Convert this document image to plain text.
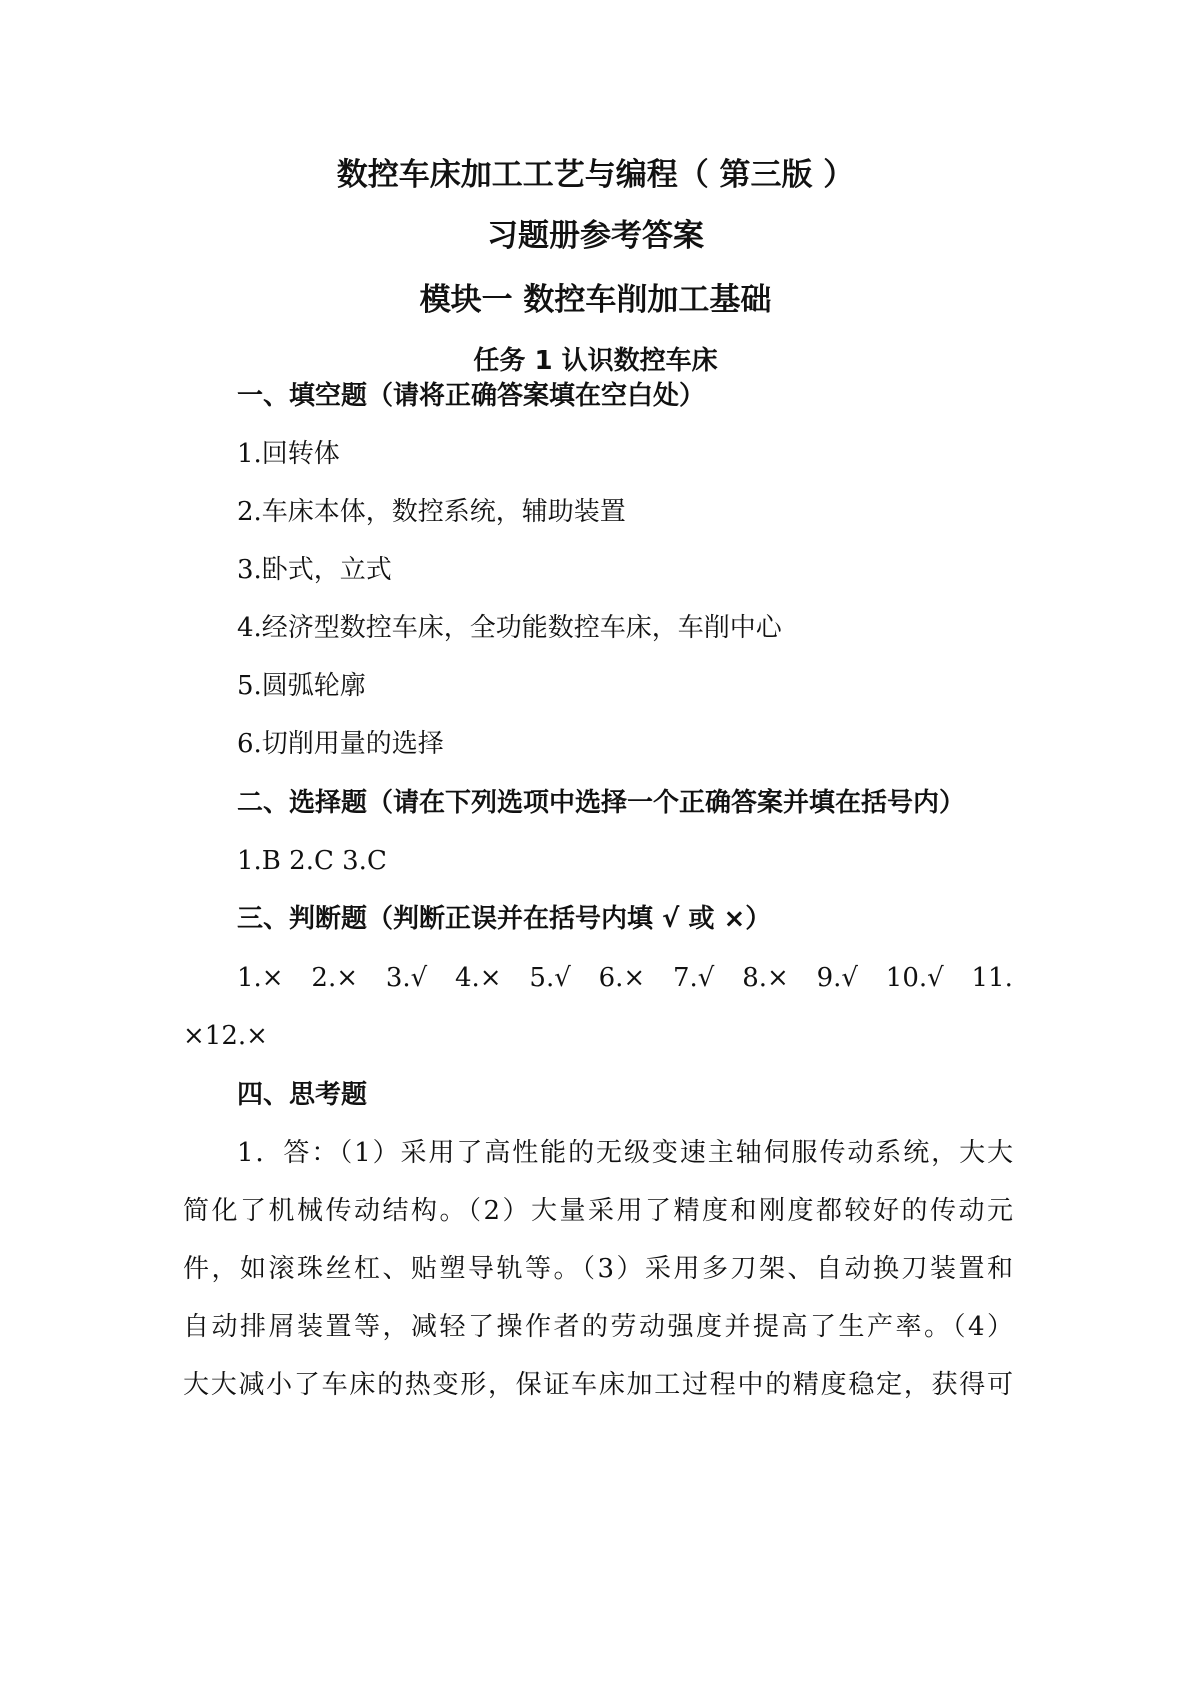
数控车床加工工艺与编程（ 第三版 ）
习题册参考答案
模块一 数控车削加工基础
任务 1 认识数控车床
一、填空题（请将正确答案填在空白处）
1.回转体
2.车床本体，数控系统，辅助装置
3.卧式，立式
4.经济型数控车床，全功能数控车床，车削中心
5.圆弧轮廓
6.切削用量的选择
二、选择题（请在下列选项中选择一个正确答案并填在括号内）
1.B 2.C 3.C
三、判断题（判断正误并在括号内填 √ 或 ×）
1.× 2.× 3.√ 4.× 5.√ 6.× 7.√ 8.× 9.√ 10.√ 11.
×12.×
四、思考题
1．答：（1）采用了高性能的无级变速主轴伺服传动系统，大大
简化了机械传动结构。（2）大量采用了精度和刚度都较好的传动元
件，如滚珠丝杠、贴塑导轨等。（3）采用多刀架、自动换刀装置和
自动排屑装置等，减轻了操作者的劳动强度并提高了生产率。（4）
大大减小了车床的热变形，保证车床加工过程中的精度稳定，获得可
